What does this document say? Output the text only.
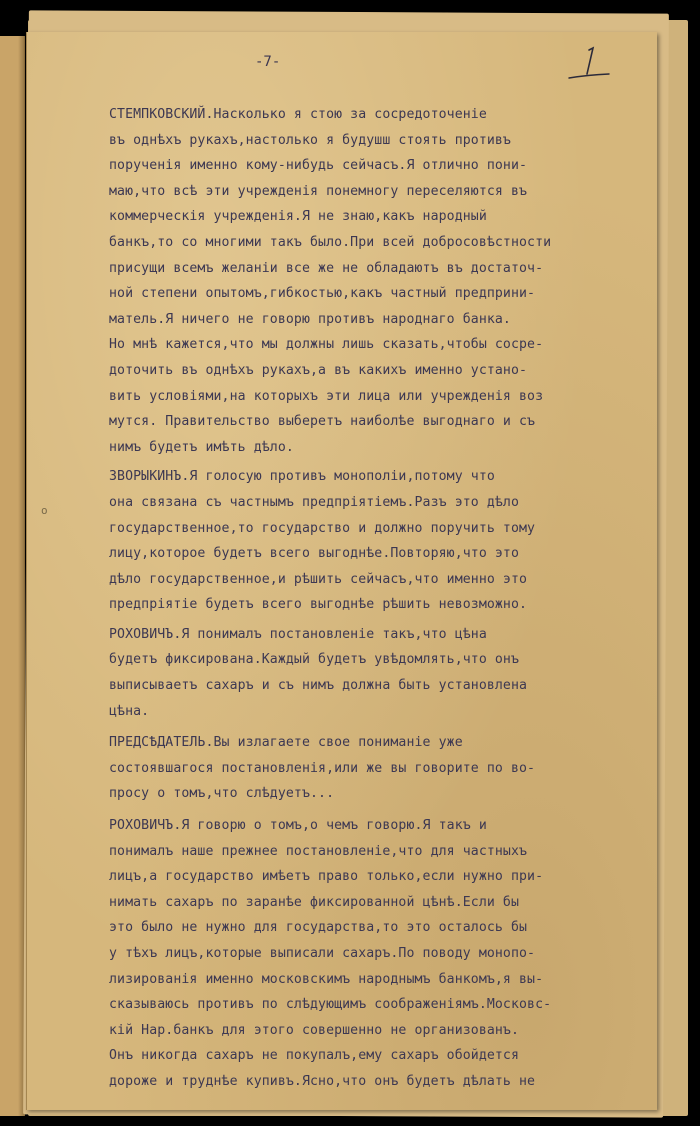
-7-
o
СТЕМПКОВСКИЙ.Насколько я стою за сосредоточенie
въ однѣхъ рукахъ,настолько я будушш стоять противъ
порученiя именно кому-нибудь сейчасъ.Я отлично пони-
маю,что всѣ эти учрежденiя понемногу переселяются въ
коммерческiя учрежденiя.Я не знаю,какъ народный
банкъ,то со многими такъ было.При всей добросовѣстности
присущи всемъ желанiи все же не обладаютъ въ достаточ-
ной степени опытомъ,гибкостью,какъ частный предприни-
матель.Я ничего не говорю противъ народнаго банка.
Но мнѣ кажется,что мы должны лишь сказать,чтобы сосре-
доточить въ однѣхъ рукахъ,а въ какихъ именно устано-
вить условiями,на которыхъ эти лица или учрежденiя воз
мутся. Правительство выберетъ наиболѣе выгоднаго и съ
нимъ будетъ имѣть дѣло.
ЗВОРЫКИНЪ.Я голосую противъ монополiи,потому что
она связана съ частнымъ предпрiятiемъ.Разъ это дѣло
государственное,то государство и должно поручить тому
лицу,которое будетъ всего выгоднѣе.Повторяю,что это
дѣло государственное,и рѣшить сейчасъ,что именно это
предпрiятiе будетъ всего выгоднѣе рѣшить невозможно.
РОХОВИЧЪ.Я понималъ постановленiе такъ,что цѣна
будетъ фиксирована.Каждый будетъ увѣдомлять,что онъ
выписываетъ сахаръ и съ нимъ должна быть установлена
цѣна.
ПРЕДСѢДАТЕЛЬ.Вы излагаете свое пониманiе уже
состоявшагося постановленiя,или же вы говорите по во-
просу о томъ,что слѣдуетъ...
РОХОВИЧЪ.Я говорю о томъ,о чемъ говорю.Я такъ и
понималъ наше прежнее постановленiе,что для частныхъ
лицъ,а государство имѣетъ право только,если нужно при-
нимать сахаръ по заранѣе фиксированной цѣнѣ.Если бы
это было не нужно для государства,то это осталось бы
у тѣхъ лицъ,которые выписали сахаръ.По поводу монопо-
лизированiя именно московскимъ народнымъ банкомъ,я вы-
сказываюсь противъ по слѣдующимъ соображенiямъ.Московс-
кiй Нар.банкъ для этого совершенно не организованъ.
Онъ никогда сахаръ не покупалъ,ему сахаръ обойдется
дороже и труднѣе купивъ.Ясно,что онъ будетъ дѣлать не
